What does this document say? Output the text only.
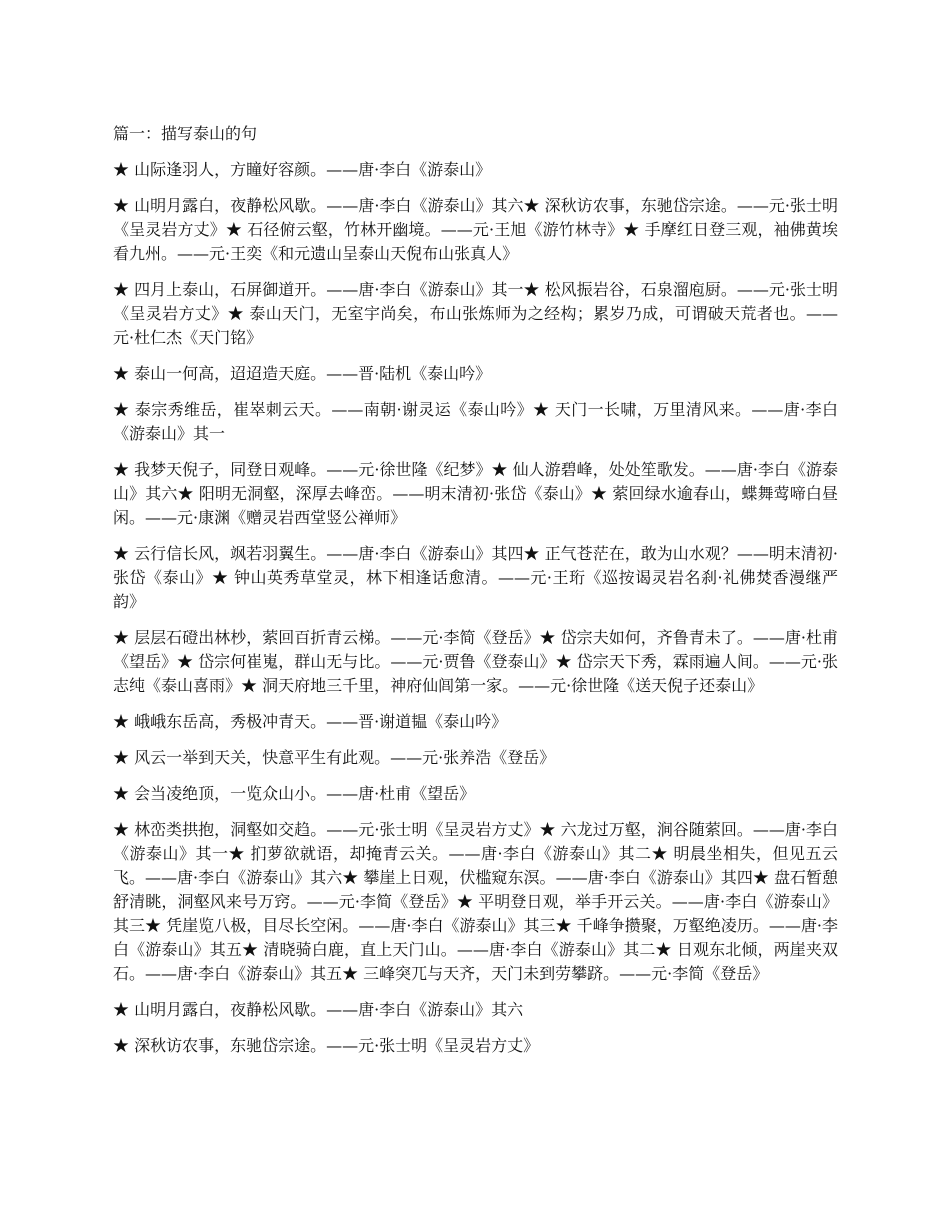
篇一：描写泰山的句
★ 山际逢羽人，方瞳好容颜。——唐·李白《游泰山》
★ 山明月露白，夜静松风歇。——唐·李白《游泰山》其六★ 深秋访农事，东驰岱宗途。——元·张士明《呈灵岩方丈》★ 石径俯云壑，竹林开幽境。——元·王旭《游竹林寺》★ 手摩红日登三观，袖佛黄埃看九州。——元·王奕《和元遗山呈泰山天倪布山张真人》
★ 四月上泰山，石屏御道开。——唐·李白《游泰山》其一★ 松风振岩谷，石泉溜庖厨。——元·张士明《呈灵岩方丈》★ 泰山天门，无室宇尚矣，布山张炼师为之经构；累岁乃成，可谓破天荒者也。——元·杜仁杰《天门铭》
★ 泰山一何高，迢迢造天庭。——晋·陆机《泰山吟》
★ 泰宗秀维岳，崔崒刺云天。——南朝·谢灵运《泰山吟》★ 天门一长啸，万里清风来。——唐·李白《游泰山》其一
★ 我梦天倪子，同登日观峰。——元·徐世隆《纪梦》★ 仙人游碧峰，处处笙歌发。——唐·李白《游泰山》其六★ 阳明无洞壑，深厚去峰峦。——明末清初·张岱《泰山》★ 萦回绿水逾春山，蝶舞莺啼白昼闲。——元·康渊《赠灵岩西堂竖公禅师》
★ 云行信长风，飒若羽翼生。——唐·李白《游泰山》其四★ 正气苍茫在，敢为山水观？——明末清初·张岱《泰山》★ 钟山英秀草堂灵，林下相逢话愈清。——元·王珩《巡按谒灵岩名刹·礼佛焚香漫继严韵》
★ 层层石磴出林杪，萦回百折青云梯。——元·李简《登岳》★ 岱宗夫如何，齐鲁青未了。——唐·杜甫《望岳》★ 岱宗何崔嵬，群山无与比。——元·贾鲁《登泰山》★ 岱宗天下秀，霖雨遍人间。——元·张志纯《泰山喜雨》★ 洞天府地三千里，神府仙闾第一家。——元·徐世隆《送天倪子还泰山》
★ 峨峨东岳高，秀极冲青天。——晋·谢道韫《泰山吟》
★ 风云一举到天关，快意平生有此观。——元·张养浩《登岳》
★ 会当凌绝顶，一览众山小。——唐·杜甫《望岳》
★ 林峦类拱抱，洞壑如交趋。——元·张士明《呈灵岩方丈》★ 六龙过万壑，涧谷随萦回。——唐·李白《游泰山》其一★ 扪萝欲就语，却掩青云关。——唐·李白《游泰山》其二★ 明晨坐相失，但见五云飞。——唐·李白《游泰山》其六★ 攀崖上日观，伏槛窥东溟。——唐·李白《游泰山》其四★ 盘石暂憩舒清眺，洞壑风来号万窍。——元·李简《登岳》★ 平明登日观，举手开云关。——唐·李白《游泰山》其三★ 凭崖览八极，目尽长空闲。——唐·李白《游泰山》其三★ 千峰争攒聚，万壑绝凌历。——唐·李白《游泰山》其五★ 清晓骑白鹿，直上天门山。——唐·李白《游泰山》其二★ 日观东北倾，两崖夹双石。——唐·李白《游泰山》其五★ 三峰突兀与天齐，天门未到劳攀跻。——元·李简《登岳》
★ 山明月露白，夜静松风歇。——唐·李白《游泰山》其六
★ 深秋访农事，东驰岱宗途。——元·张士明《呈灵岩方丈》
